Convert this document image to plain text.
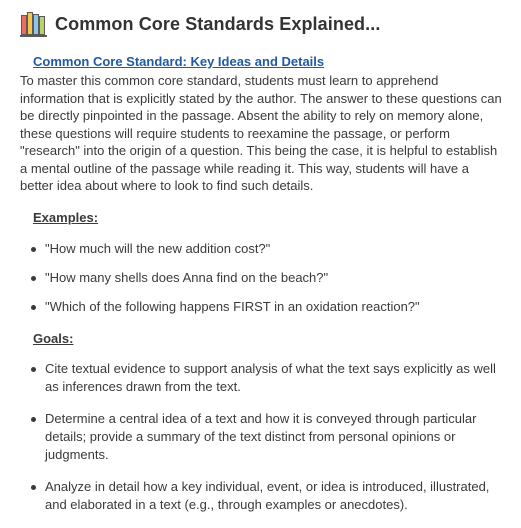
Common Core Standards Explained...
Common Core Standard: Key Ideas and Details

To master this common core standard, students must learn to apprehend information that is explicitly stated by the author. The answer to these questions can be directly pinpointed in the passage. Absent the ability to rely on memory alone, these questions will require students to reexamine the passage, or perform "research" into the origin of a question. This being the case, it is helpful to establish a mental outline of the passage while reading it. This way, students will have a better idea about where to look to find such details.

Examples:
"How much will the new addition cost?"
"How many shells does Anna find on the beach?"
"Which of the following happens FIRST in an oxidation reaction?"
Goals:
Cite textual evidence to support analysis of what the text says explicitly as well as inferences drawn from the text.
Determine a central idea of a text and how it is conveyed through particular details; provide a summary of the text distinct from personal opinions or judgments.
Analyze in detail how a key individual, event, or idea is introduced, illustrated, and elaborated in a text (e.g., through examples or anecdotes).
